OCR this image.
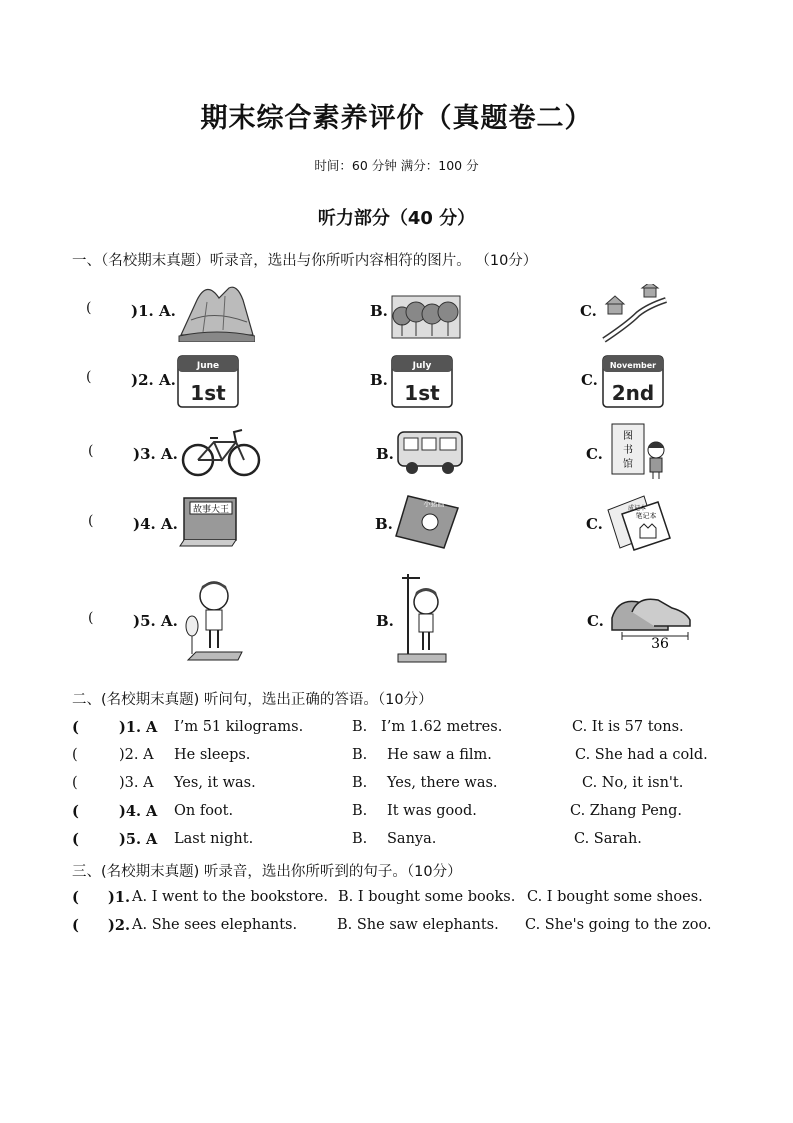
期末综合素养评价（真题卷二）
时间：60 分钟 满分：100 分
听力部分（40 分）
一、（名校期末真题）听录音，选出与你所听内容相符的图片。 （10分）
(	)1. A.	B.	C.
(	)2. A.
June
1st
B.
July
1st
C.
November
2nd
(	)3. A.	B.	C.
图
书
馆
(	)4. A.
故事大王
B.
小猪画
C.
成记本
笔记本
(	)5. A.	B.	C.
36
二、(名校期末真题) 听问句，选出正确的答语。（10分）
(	)1. A I’m 51 kilograms.	B. I’m 1.62 metres.	C. It is 57 tons.
(	)2. A He sleeps.	B. He saw a film.	C. She had a cold.
(	)3. A Yes, it was.	B. Yes, there was.	C. No, it isn't.
(	)4. A On foot.	B. It was good.	C. Zhang Peng.
(	)5. A Last night.	B. Sanya.	C. Sarah.
三、(名校期末真题) 听录音，选出你所听到的句子。（10分）
( )1. A. I went to the bookstore. B. I bought some books. C. I bought some shoes.
( )2. A. She sees elephants.	B. She saw elephants. C. She's going to the zoo.
